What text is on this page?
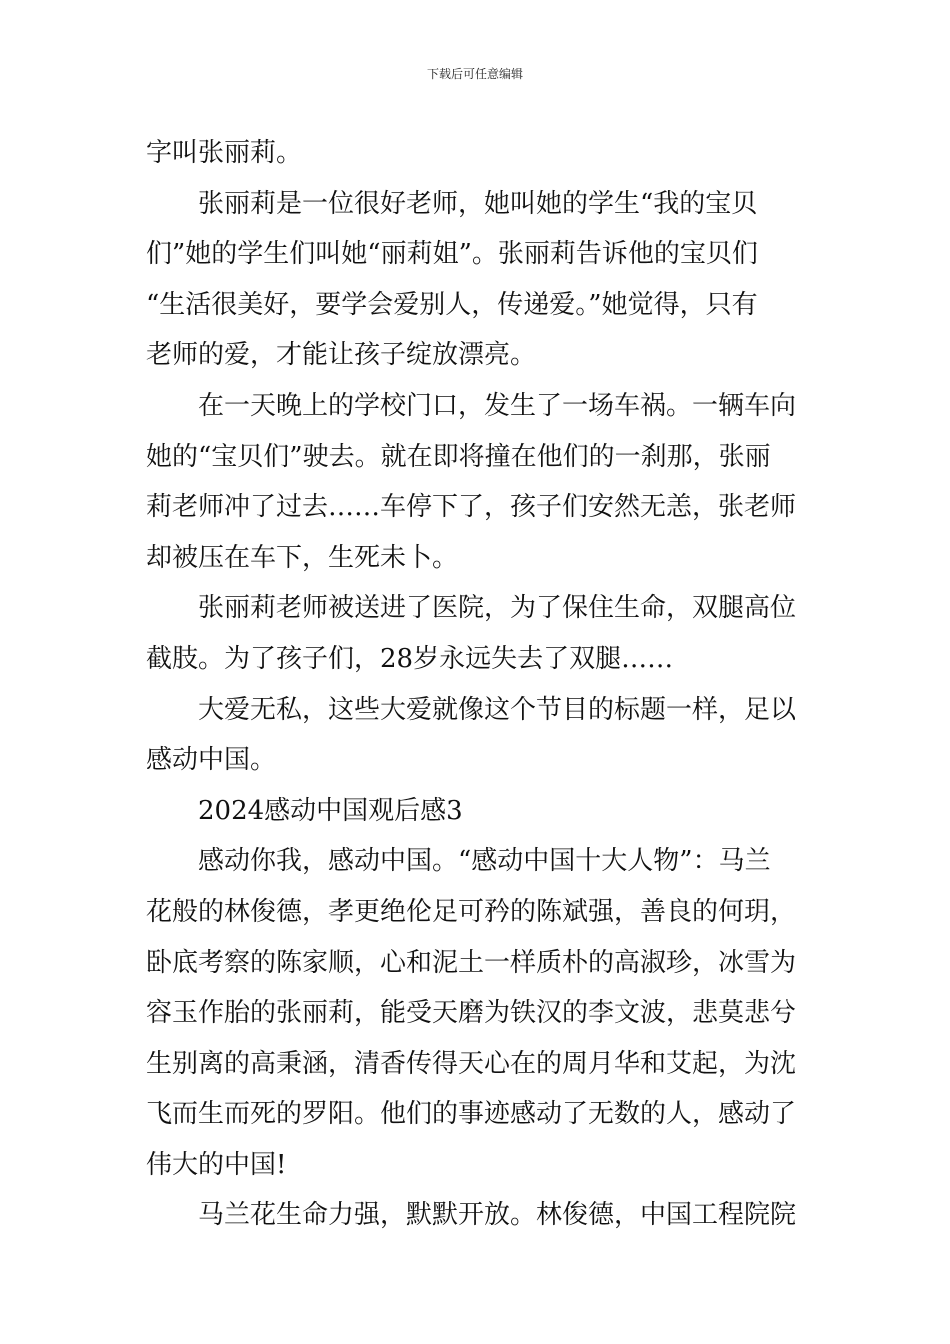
下载后可任意编辑
字叫张丽莉。
张丽莉是一位很好老师，她叫她的学生“我的宝贝
们”她的学生们叫她“丽莉姐”。张丽莉告诉他的宝贝们
“生活很美好，要学会爱别人，传递爱。”她觉得，只有
老师的爱，才能让孩子绽放漂亮。
在一天晚上的学校门口，发生了一场车祸。一辆车向
她的“宝贝们”驶去。就在即将撞在他们的一刹那，张丽
莉老师冲了过去……车停下了，孩子们安然无恙，张老师
却被压在车下，生死未卜。
张丽莉老师被送进了医院，为了保住生命，双腿高位
截肢。为了孩子们，28岁永远失去了双腿……
大爱无私，这些大爱就像这个节目的标题一样，足以
感动中国。
2024感动中国观后感3
感动你我，感动中国。“感动中国十大人物”：马兰
花般的林俊德，孝更绝伦足可矜的陈斌强，善良的何玥，
卧底考察的陈家顺，心和泥土一样质朴的高淑珍，冰雪为
容玉作胎的张丽莉，能受天磨为铁汉的李文波，悲莫悲兮
生别离的高秉涵，清香传得天心在的周月华和艾起，为沈
飞而生而死的罗阳。他们的事迹感动了无数的人，感动了
伟大的中国!
马兰花生命力强，默默开放。林俊德，中国工程院院
